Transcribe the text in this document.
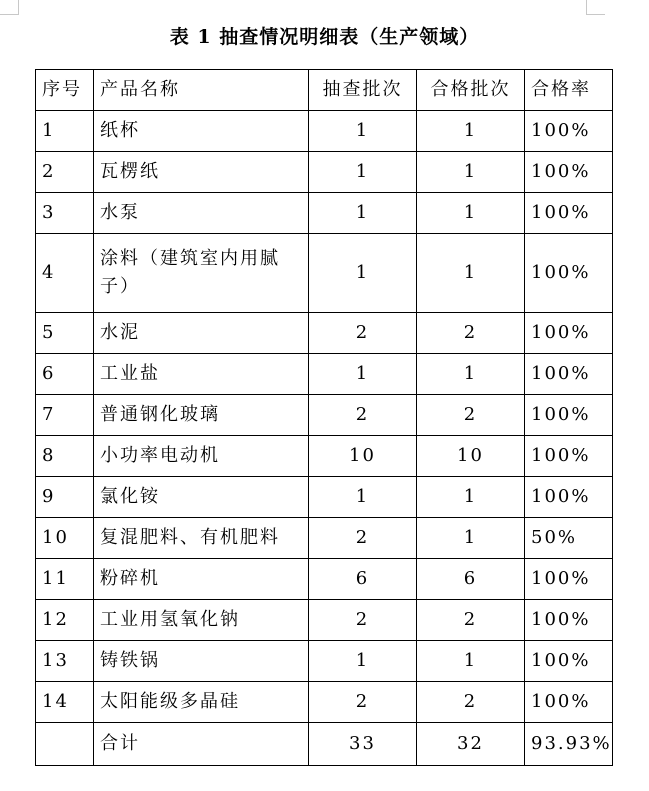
表 1 抽查情况明细表（生产领域）
序号	产品名称	抽查批次	合格批次	合格率
1	纸杯	1	1	100%
2	瓦楞纸	1	1	100%
3	水泵	1	1	100%
4	涂料（建筑室内用腻子）	1	1	100%
5	水泥	2	2	100%
6	工业盐	1	1	100%
7	普通钢化玻璃	2	2	100%
8	小功率电动机	10	10	100%
9	氯化铵	1	1	100%
10	复混肥料、有机肥料	2	1	50%
11	粉碎机	6	6	100%
12	工业用氢氧化钠	2	2	100%
13	铸铁锅	1	1	100%
14	太阳能级多晶硅	2	2	100%
	合计	33	32	93.93%
